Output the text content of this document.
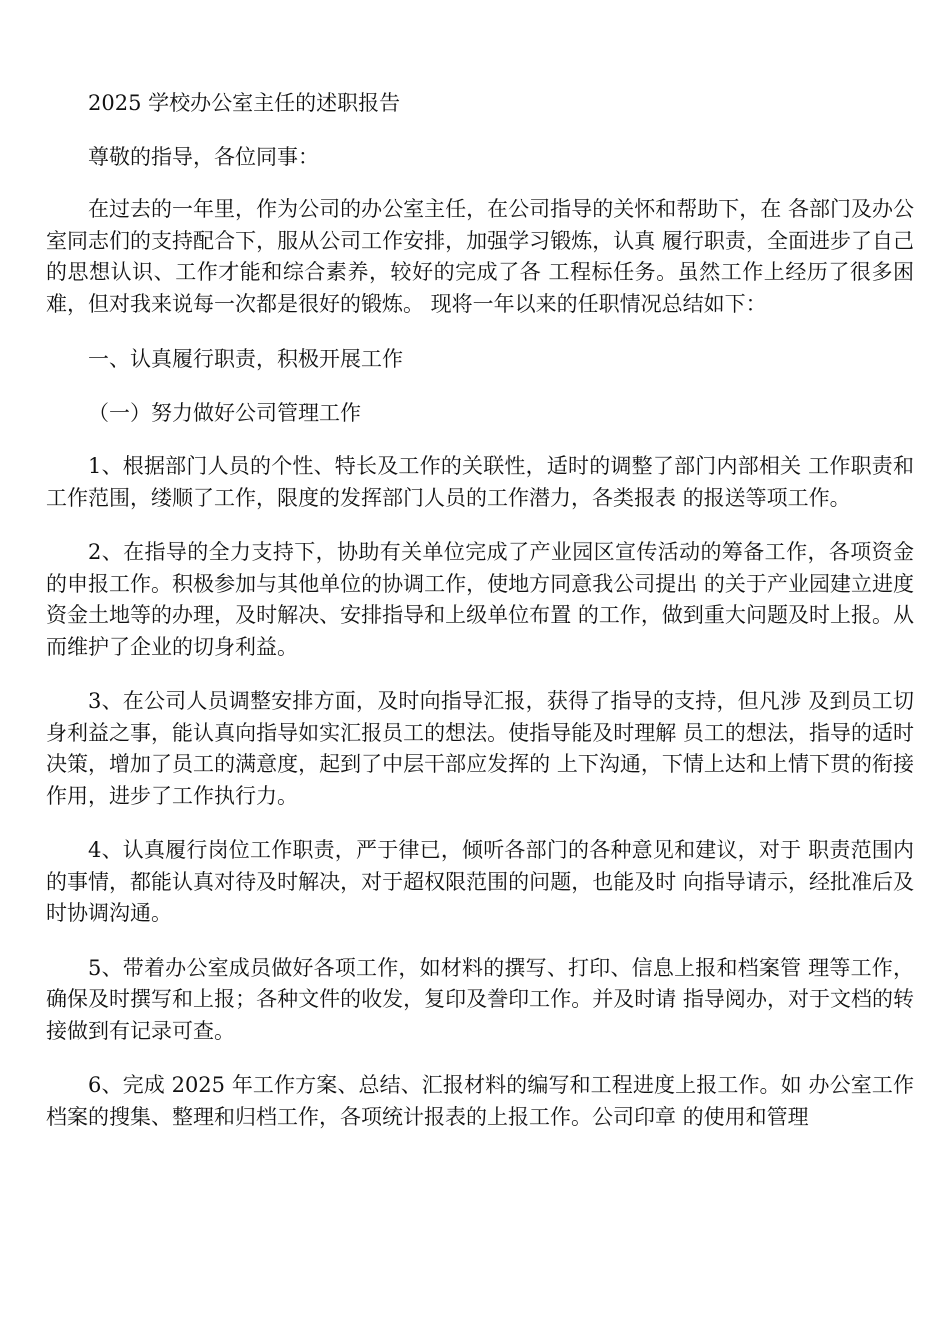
2025 学校办公室主任的述职报告

尊敬的指导，各位同事：

在过去的一年里，作为公司的办公室主任，在公司指导的关怀和帮助下，在 各部门及办公室同志们的支持配合下，服从公司工作安排，加强学习锻炼，认真 履行职责，全面进步了自己的思想认识、工作才能和综合素养，较好的完成了各 工程标任务。虽然工作上经历了很多困难，但对我来说每一次都是很好的锻炼。 现将一年以来的任职情况总结如下：

一、认真履行职责，积极开展工作

（一）努力做好公司管理工作

1、根据部门人员的个性、特长及工作的关联性，适时的调整了部门内部相关 工作职责和工作范围，缕顺了工作，限度的发挥部门人员的工作潜力，各类报表 的报送等项工作。

2、在指导的全力支持下，协助有关单位完成了产业园区宣传活动的筹备工作，各项资金的申报工作。积极参加与其他单位的协调工作，使地方同意我公司提出 的关于产业园建立进度资金土地等的办理，及时解决、安排指导和上级单位布置 的工作，做到重大问题及时上报。从而维护了企业的切身利益。

3、在公司人员调整安排方面，及时向指导汇报，获得了指导的支持，但凡涉 及到员工切身利益之事，能认真向指导如实汇报员工的想法。使指导能及时理解 员工的想法，指导的适时决策，增加了员工的满意度，起到了中层干部应发挥的 上下沟通，下情上达和上情下贯的衔接作用，进步了工作执行力。

4、认真履行岗位工作职责，严于律已，倾听各部门的各种意见和建议，对于 职责范围内的事情，都能认真对待及时解决，对于超权限范围的问题，也能及时 向指导请示，经批准后及时协调沟通。

5、带着办公室成员做好各项工作，如材料的撰写、打印、信息上报和档案管 理等工作，确保及时撰写和上报；各种文件的收发，复印及誊印工作。并及时请 指导阅办，对于文档的转接做到有记录可查。

6、完成 2025 年工作方案、总结、汇报材料的编写和工程进度上报工作。如 办公室工作档案的搜集、整理和归档工作，各项统计报表的上报工作。公司印章 的使用和管理
